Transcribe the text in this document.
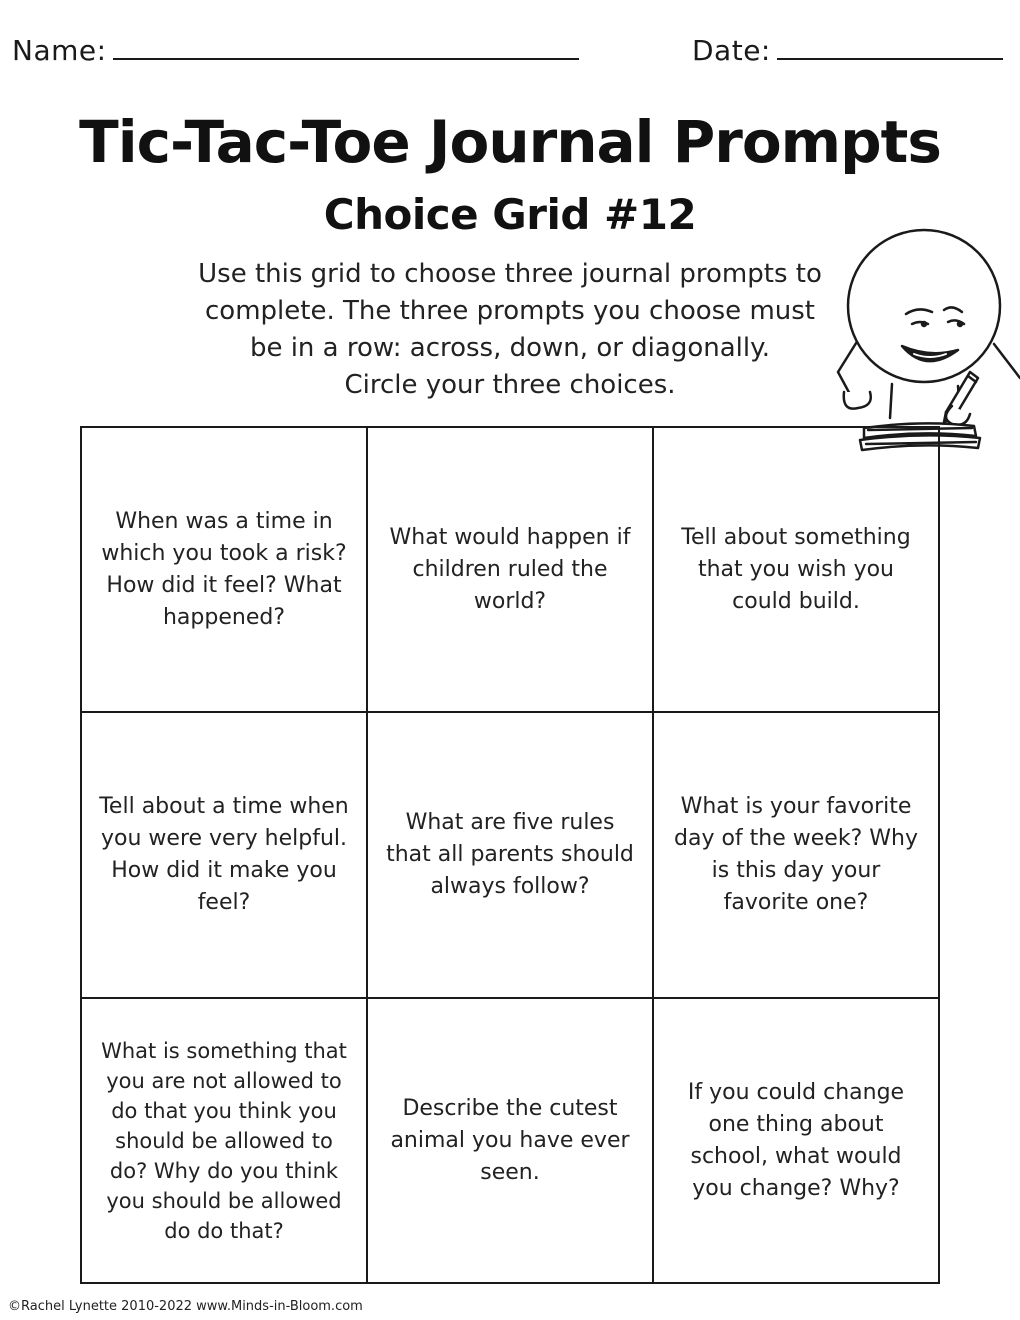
Name:	Date:
Tic-Tac-Toe Journal Prompts
Choice Grid #12
Use this grid to choose three journal prompts to
complete. The three prompts you choose must
be in a row: across, down, or diagonally.
Circle your three choices.
When was a time in which you took a risk? How did it feel? What happened?
What would happen if children ruled the world?
Tell about something that you wish you could build.
Tell about a time when you were very helpful. How did it make you feel?
What are five rules that all parents should always follow?
What is your favorite day of the week? Why is this day your favorite one?
What is something that you are not allowed to do that you think you should be allowed to do? Why do you think you should be allowed do do that?
Describe the cutest animal you have ever seen.
If you could change one thing about school, what would you change? Why?
©Rachel Lynette 2010-2022 www.Minds-in-Bloom.com
